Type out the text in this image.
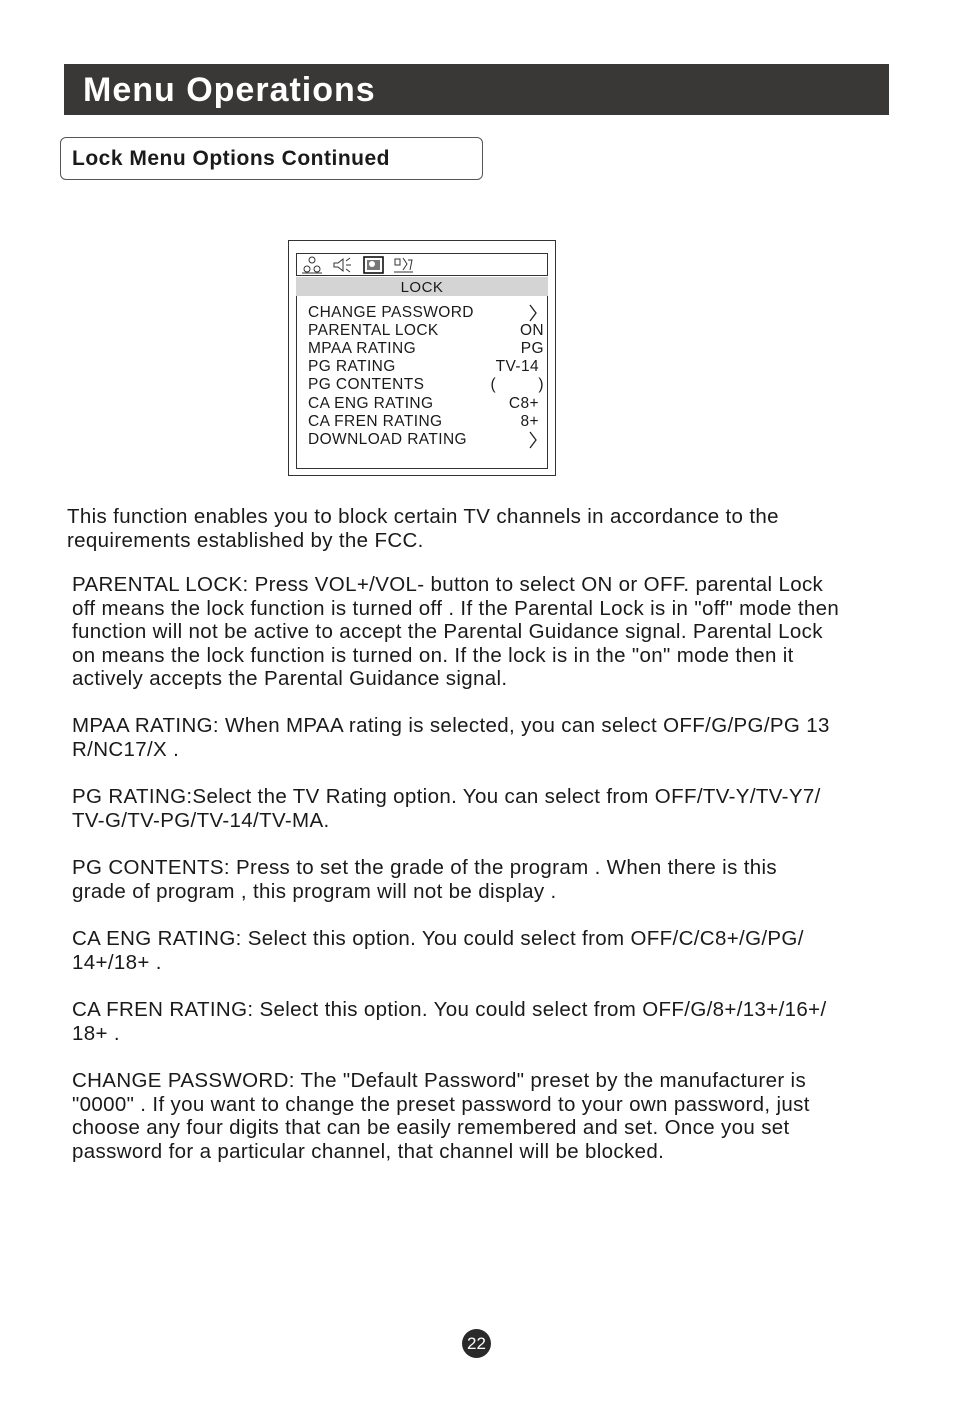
Menu Operations
Lock Menu Options Continued
LOCK
CHANGE PASSWORD
PARENTAL LOCK	ON
MPAA RATING	PG
PG RATING	TV-14
PG CONTENTS	(         )
CA ENG RATING	C8+
CA FREN RATING	8+
DOWNLOAD RATING
This function enables you to block certain TV channels in accordance to the
requirements established by the FCC.
PARENTAL LOCK: Press VOL+/VOL- button to select ON or OFF. parental Lock
off means the lock function is turned off . If the Parental Lock is in "off" mode then
function will not be active to accept the Parental Guidance signal. Parental Lock
on means the lock function is turned on. If the lock is in the "on" mode then it
actively accepts the Parental Guidance signal.
MPAA RATING: When MPAA rating is selected, you can select OFF/G/PG/PG 13
R/NC17/X .
PG RATING:Select the TV Rating option. You can select from OFF/TV-Y/TV-Y7/
TV-G/TV-PG/TV-14/TV-MA.
PG CONTENTS: Press to set the grade of the program . When there is this
grade of program , this program will not be display .
CA ENG RATING: Select this option. You could select from OFF/C/C8+/G/PG/
14+/18+ .
CA FREN RATING: Select this option. You could select from OFF/G/8+/13+/16+/
18+ .
CHANGE PASSWORD: The "Default Password" preset by the manufacturer is
"0000" . If you want to change the preset password to your own password, just
choose any four digits that can be easily remembered and set. Once you set
password for a particular channel, that channel will be blocked.
22
